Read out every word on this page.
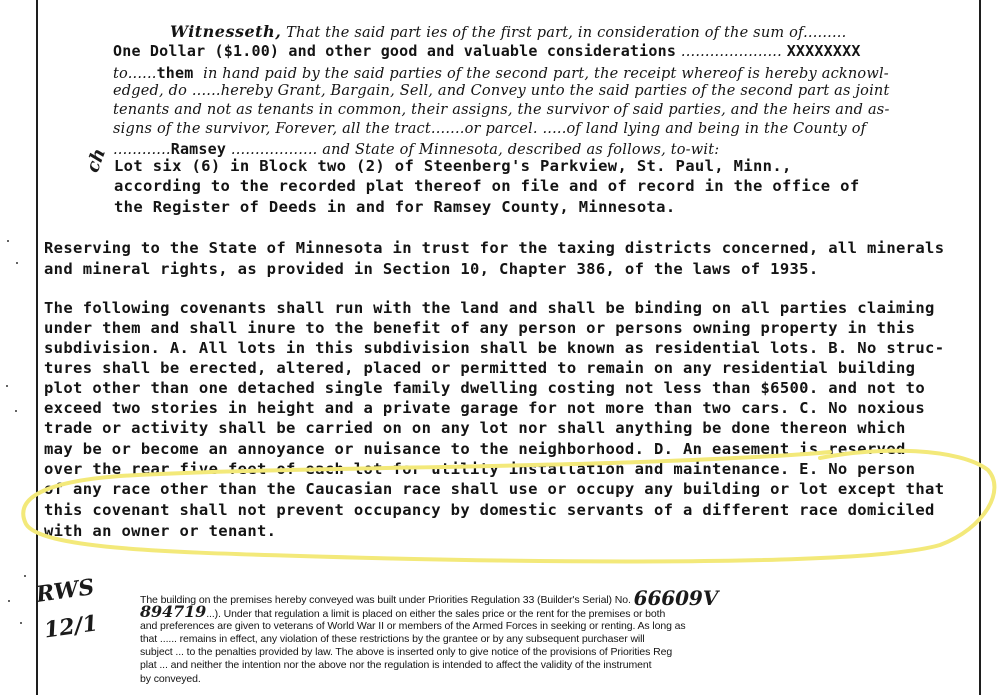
Witnesseth, That the said part ies of the first part, in consideration of the sum of.........
One Dollar ($1.00) and other good and valuable considerations ..................... XXXXXXXX
to......them in hand paid by the said parties of the second part, the receipt whereof is hereby acknowl-
edged, do ......hereby Grant, Bargain, Sell, and Convey unto the said parties of the second part as joint
tenants and not as tenants in common, their assigns, the survivor of said parties, and the heirs and as-
signs of the survivor, Forever, all the tract.......or parcel. .....of land lying and being in the County of
............Ramsey .................. and State of Minnesota, described as follows, to-wit:
ch Lot six (6) in Block two (2) of Steenberg's Parkview, St. Paul, Minn.,
according to the recorded plat thereof on file and of record in the office of
the Register of Deeds in and for Ramsey County, Minnesota.
Reserving to the State of Minnesota in trust for the taxing districts concerned, all minerals
and mineral rights, as provided in Section 10, Chapter 386, of the laws of 1935.
The following covenants shall run with the land and shall be binding on all parties claiming
under them and shall inure to the benefit of any person or persons owning property in this
subdivision. A. All lots in this subdivision shall be known as residential lots. B. No struc-
tures shall be erected, altered, placed or permitted to remain on any residential building
plot other than one detached single family dwelling costing not less than $6500. and not to
exceed two stories in height and a private garage for not more than two cars. C. No noxious
trade or activity shall be carried on on any lot nor shall anything be done thereon which
may be or become an annoyance or nuisance to the neighborhood. D. An easement is reserved
over the rear five feet of each lot for utility installation and maintenance. E. No person
of any race other than the Caucasian race shall use or occupy any building or lot except that
this covenant shall not prevent occupancy by domestic servants of a different race domiciled
with an owner or tenant.
RWS
12/1
The building on the premises hereby conveyed was built under Priorities Regulation 33 (Builder's Serial) No. 66609V
894719...). Under that regulation a limit is placed on either the sales price or the rent for the premises or both
and preferences are given to veterans of World War II or members of the Armed Forces in seeking or renting. As long as
that ...... remains in effect, any violation of these restrictions by the grantee or by any subsequent purchaser will
subject ... to the penalties provided by law. The above is inserted only to give notice of the provisions of Priorities Reg
plat ... and neither the intention nor the above nor the regulation is intended to affect the validity of the instrument
by conveyed.
